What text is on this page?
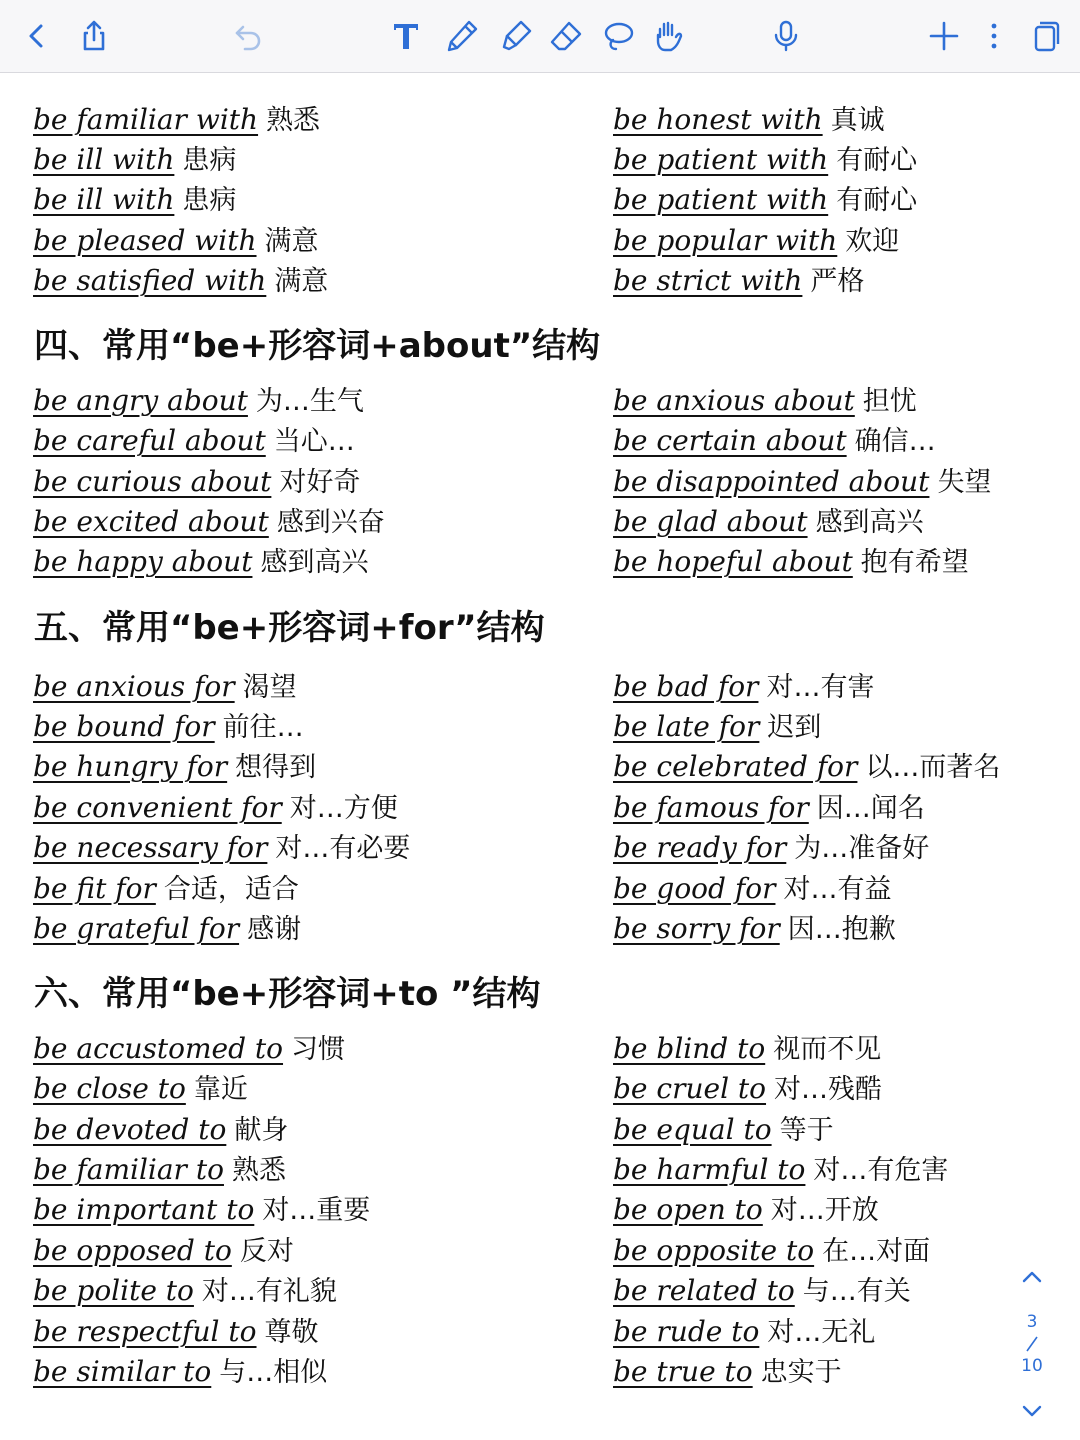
be familiar with 熟悉
be ill with 患病
be ill with 患病
be pleased with 满意
be satisfied with 满意
be honest with 真诚
be patient with 有耐心
be patient with 有耐心
be popular with 欢迎
be strict with 严格
四、常用“be+形容词+about”结构
be angry about 为…生气
be careful about 当心…
be curious about 对好奇
be excited about 感到兴奋
be happy about 感到高兴
be anxious about 担忧
be certain about 确信…
be disappointed about 失望
be glad about 感到高兴
be hopeful about 抱有希望
五、常用“be+形容词+for”结构
be anxious for 渴望
be bound for 前往…
be hungry for 想得到
be convenient for 对…方便
be necessary for 对…有必要
be fit for 合适，适合
be grateful for 感谢
be bad for 对…有害
be late for 迟到
be celebrated for 以…而著名
be famous for 因…闻名
be ready for 为…准备好
be good for 对…有益
be sorry for 因…抱歉
六、常用“be+形容词+to ”结构
be accustomed to 习惯
be close to 靠近
be devoted to 献身
be familiar to 熟悉
be important to 对…重要
be opposed to 反对
be polite to 对…有礼貌
be respectful to 尊敬
be similar to 与…相似
be blind to 视而不见
be cruel to 对…残酷
be equal to 等于
be harmful to 对…有危害
be open to 对…开放
be opposite to 在…对面
be related to 与…有关
be rude to 对…无礼
be true to 忠实于
3
10
